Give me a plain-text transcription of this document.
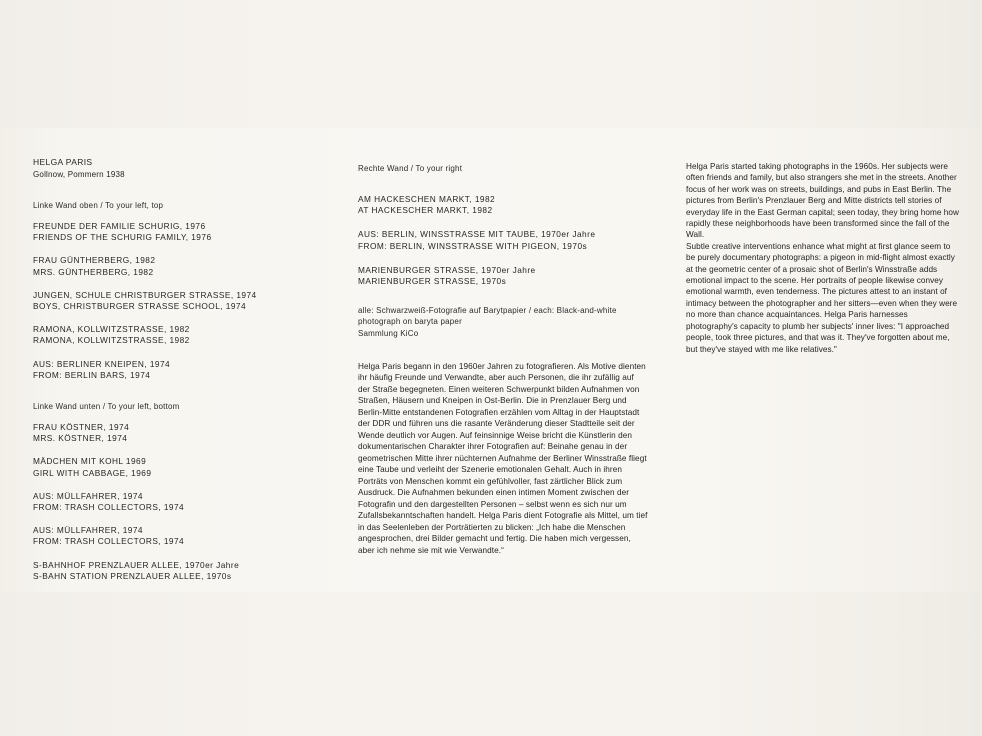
HELGA PARIS
Gollnow, Pommern 1938
Linke Wand oben / To your left, top
FREUNDE DER FAMILIE SCHURIG, 1976
FRIENDS OF THE SCHURIG FAMILY, 1976
FRAU GÜNTHERBERG, 1982
MRS. GÜNTHERBERG, 1982
JUNGEN, SCHULE CHRISTBURGER STRASSE, 1974
BOYS, CHRISTBURGER STRASSE SCHOOL, 1974
RAMONA, KOLLWITZSTRASSE, 1982
RAMONA, KOLLWITZSTRASSE, 1982
AUS: BERLINER KNEIPEN, 1974
FROM: BERLIN BARS, 1974
Linke Wand unten / To your left, bottom
FRAU KÖSTNER, 1974
MRS. KÖSTNER, 1974
MÄDCHEN MIT KOHL 1969
GIRL WITH CABBAGE, 1969
AUS: MÜLLFAHRER, 1974
FROM: TRASH COLLECTORS, 1974
AUS: MÜLLFAHRER, 1974
FROM: TRASH COLLECTORS, 1974
S-BAHNHOF PRENZLAUER ALLEE, 1970er Jahre
S-BAHN STATION PRENZLAUER ALLEE, 1970s
Rechte Wand / To your right
AM HACKESCHEN MARKT, 1982
AT HACKESCHER MARKT, 1982
AUS: BERLIN, WINSSTRASSE MIT TAUBE, 1970er Jahre
FROM: BERLIN, WINSSTRASSE WITH PIGEON, 1970s
MARIENBURGER STRASSE, 1970er Jahre
MARIENBURGER STRASSE, 1970s
alle: Schwarzweiß-Fotografie auf Barytpapier / each: Black-and-white
photograph on baryta paper
Sammlung KiCo
Helga Paris begann in den 1960er Jahren zu fotografieren. Als Motive dienten ihr häufig Freunde und Verwandte, aber auch Personen, die ihr zufällig auf der Straße begegneten. Einen weiteren Schwerpunkt bilden Aufnahmen von Straßen, Häusern und Kneipen in Ost-Berlin. Die in Prenzlauer Berg und Berlin-Mitte entstandenen Fotografien erzählen vom Alltag in der Hauptstadt der DDR und führen uns die rasante Veränderung dieser Stadtteile seit der Wende deutlich vor Augen. Auf feinsinnige Weise bricht die Künstlerin den dokumentarischen Charakter ihrer Fotografien auf: Beinahe genau in der geometrischen Mitte ihrer nüchternen Aufnahme der Berliner Winsstraße fliegt eine Taube und verleiht der Szenerie emotionalen Gehalt. Auch in ihren Porträts von Menschen kommt ein gefühlvoller, fast zärtlicher Blick zum Ausdruck. Die Aufnahmen bekunden einen intimen Moment zwischen der Fotografin und den dargestellten Personen – selbst wenn es sich nur um Zufallsbekanntschaften handelt. Helga Paris dient Fotografie als Mittel, um tief in das Seelenleben der Porträtierten zu blicken: „Ich habe die Menschen angesprochen, drei Bilder gemacht und fertig. Die haben mich vergessen, aber ich nehme sie mit wie Verwandte.“

Helga Paris started taking photographs in the 1960s. Her subjects were often friends and family, but also strangers she met in the streets. Another focus of her work was on streets, buildings, and pubs in East Berlin. The pictures from Berlin's Prenzlauer Berg and Mitte districts tell stories of everyday life in the East German capital; seen today, they bring home how rapidly these neighborhoods have been transformed since the fall of the Wall.

Subtle creative interventions enhance what might at first glance seem to be purely documentary photographs: a pigeon in mid-flight almost exactly at the geometric center of a prosaic shot of Berlin's Winsstraße adds emotional impact to the scene. Her portraits of people likewise convey emotional warmth, even tenderness. The pictures attest to an instant of intimacy between the photographer and her sitters—even when they were no more than chance acquaintances. Helga Paris harnesses photography's capacity to plumb her subjects' inner lives: "I approached people, took three pictures, and that was it. They've forgotten about me, but they've stayed with me like relatives."
